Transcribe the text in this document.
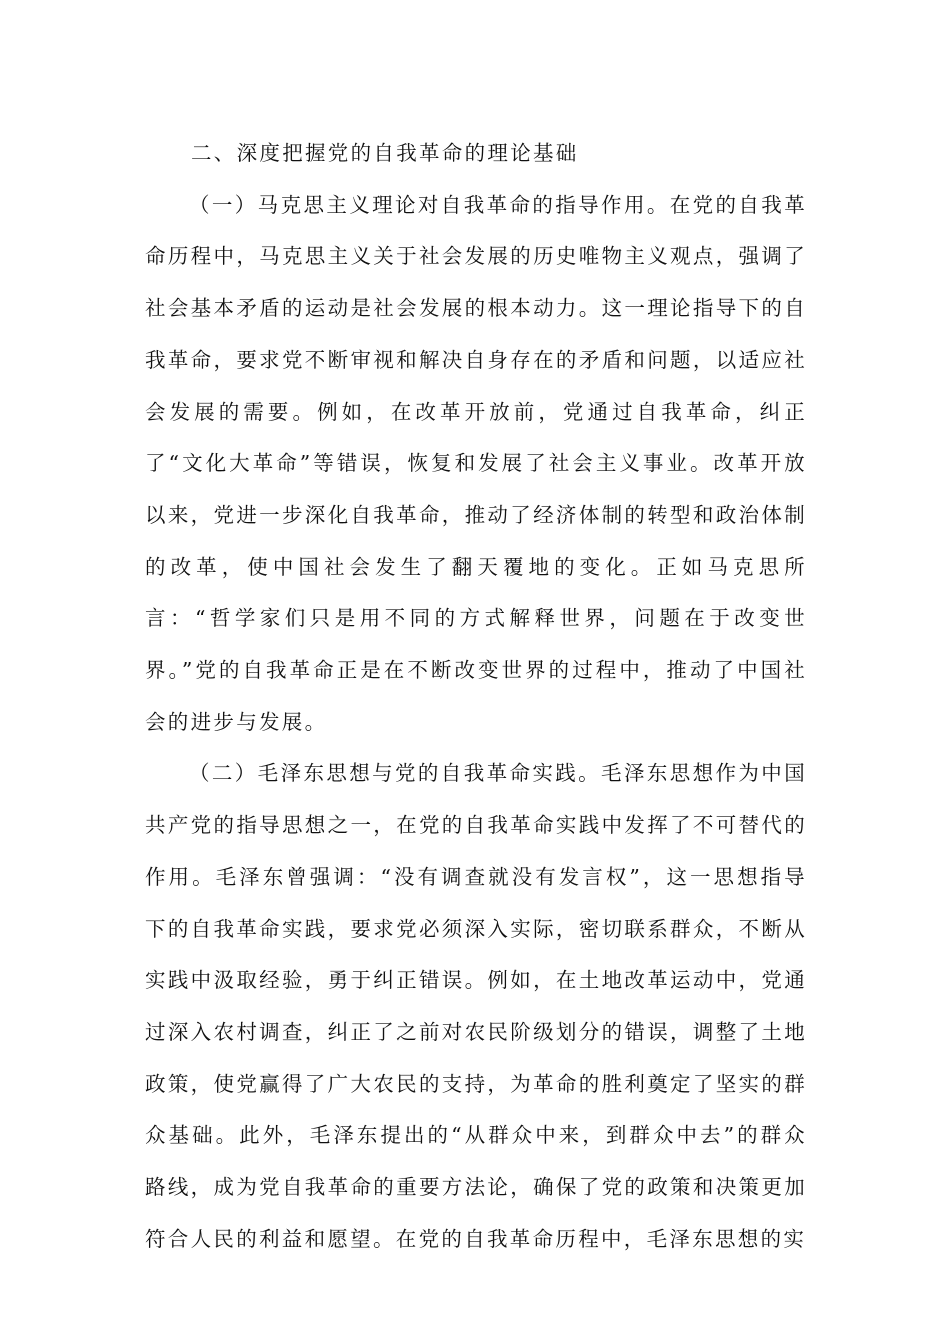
二、深度把握党的自我革命的理论基础

（一）马克思主义理论对自我革命的指导作用。在党的自我革命历程中，马克思主义关于社会发展的历史唯物主义观点，强调了社会基本矛盾的运动是社会发展的根本动力。这一理论指导下的自我革命，要求党不断审视和解决自身存在的矛盾和问题，以适应社会发展的需要。例如，在改革开放前，党通过自我革命，纠正了“文化大革命”等错误，恢复和发展了社会主义事业。改革开放以来，党进一步深化自我革命，推动了经济体制的转型和政治体制的改革，使中国社会发生了翻天覆地的变化。正如马克思所言：“哲学家们只是用不同的方式解释世界，问题在于改变世界。”党的自我革命正是在不断改变世界的过程中，推动了中国社会的进步与发展。

（二）毛泽东思想与党的自我革命实践。毛泽东思想作为中国共产党的指导思想之一，在党的自我革命实践中发挥了不可替代的作用。毛泽东曾强调：“没有调查就没有发言权”，这一思想指导下的自我革命实践，要求党必须深入实际，密切联系群众，不断从实践中汲取经验，勇于纠正错误。例如，在土地改革运动中，党通过深入农村调查，纠正了之前对农民阶级划分的错误，调整了土地政策，使党赢得了广大农民的支持，为革命的胜利奠定了坚实的群众基础。此外，毛泽东提出的“从群众中来，到群众中去”的群众路线，成为党自我革命的重要方法论，确保了党的政策和决策更加符合人民的利益和愿望。在党的自我革命历程中，毛泽东思想的实
